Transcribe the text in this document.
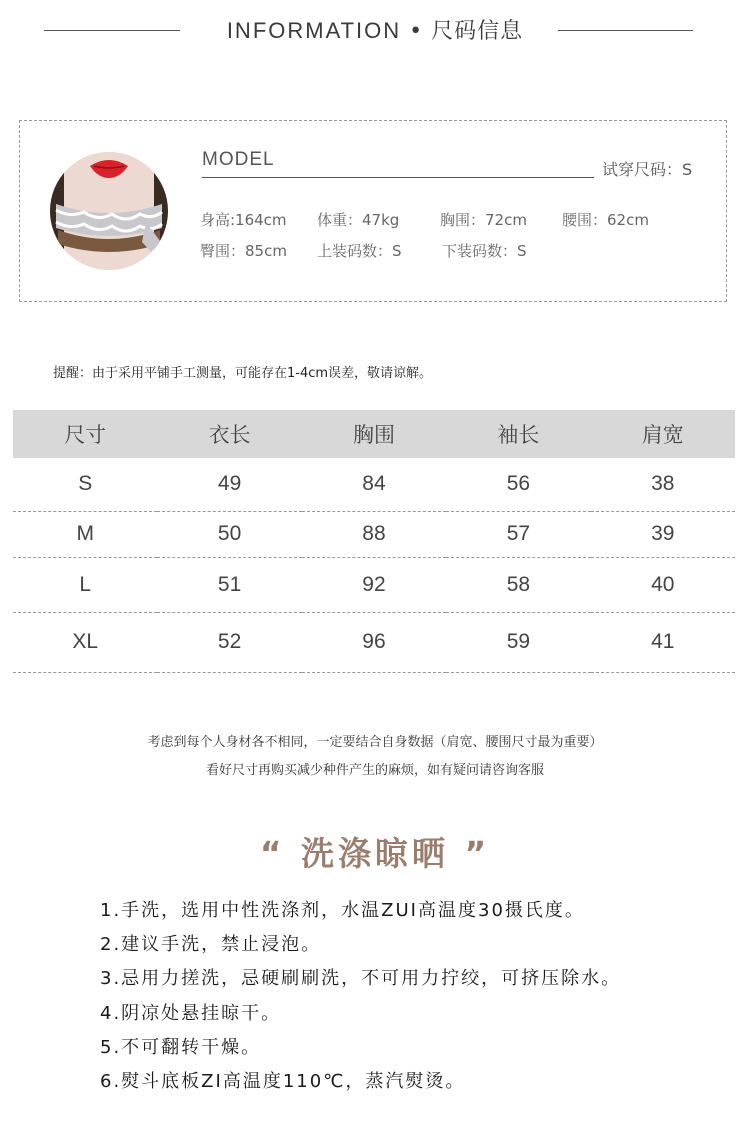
INFORMATION • 尺码信息
MODEL	试穿尺码：S
身高:164cm 体重：47kg	胸围：72cm 腰围：62cm
臀围：85cm 上装码数：S	下装码数：S
提醒：由于采用平铺手工测量，可能存在1-4cm误差，敬请谅解。
尺寸	衣长	胸围	袖长	肩宽
S	49	84	56	38
M	50	88	57	39
L	51	92	58	40
XL	52	96	59	41
考虑到每个人身材各不相同，一定要结合自身数据（肩宽、腰围尺寸最为重要）
看好尺寸再购买减少种件产生的麻烦，如有疑问请咨询客服
“ 洗涤晾晒 ”
1.手洗，选用中性洗涤剂，水温ZUI高温度30摄氏度。
2.建议手洗，禁止浸泡。
3.忌用力搓洗，忌硬刷刷洗，不可用力拧绞，可挤压除水。
4.阴凉处悬挂晾干。
5.不可翻转干燥。
6.熨斗底板ZI高温度110℃，蒸汽熨烫。
